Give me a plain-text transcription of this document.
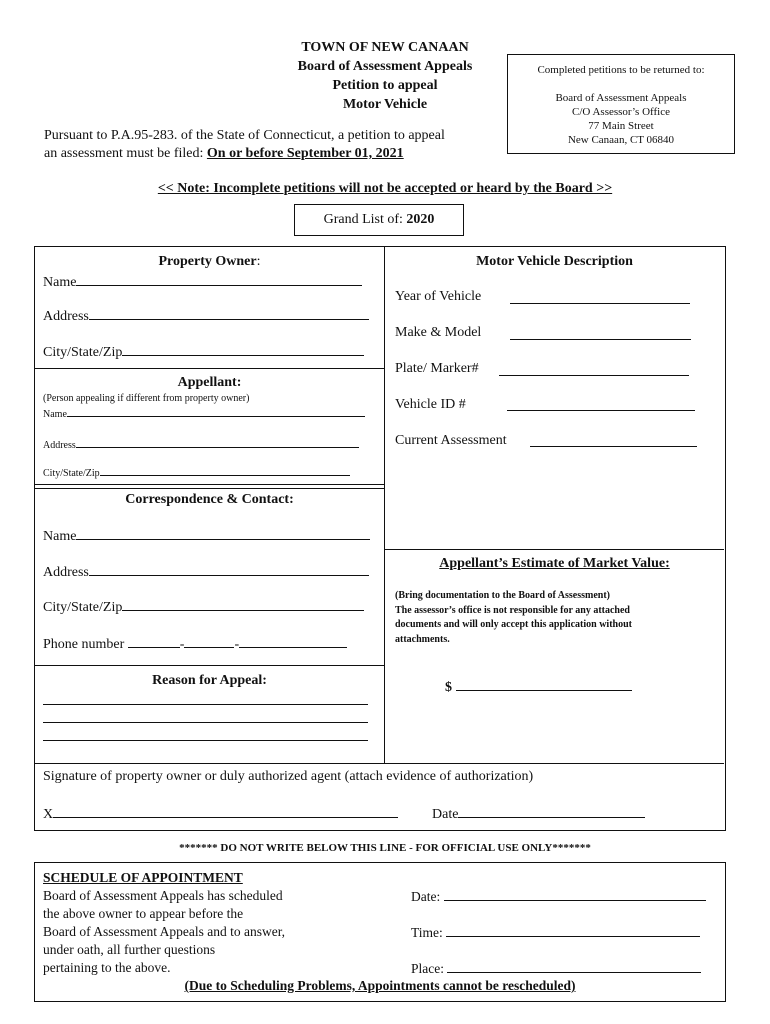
TOWN OF NEW CANAAN
Board of Assessment Appeals
Petition to appeal
Motor Vehicle
Completed petitions to be returned to:
Board of Assessment Appeals
C/O Assessor’s Office
77 Main Street
New Canaan, CT 06840
Pursuant to P.A.95-283. of the State of Connecticut, a petition to appeal
an assessment must be filed: On or before September 01, 2021
<< Note: Incomplete petitions will not be accepted or heard by the Board >>
Grand List of: 2020
Property Owner:
Name
Address
City/State/Zip
Appellant:
(Person appealing if different from property owner)
Name
Address
City/State/Zip
Correspondence & Contact:
Name
Address
City/State/Zip
Phone number	-	-
Reason for Appeal:
Motor Vehicle Description
Year of Vehicle
Make & Model
Plate/ Marker#
Vehicle ID #
Current Assessment
Appellant’s Estimate of Market Value:
(Bring documentation to the Board of Assessment)
The assessor’s office is not responsible for any attached
documents and will only accept this application without
attachments.
$
Signature of property owner or duly authorized agent (attach evidence of authorization)
X	Date
******* DO NOT WRITE BELOW THIS LINE - FOR OFFICIAL USE ONLY*******
SCHEDULE OF APPOINTMENT
Board of Assessment Appeals has scheduled
the above owner to appear before the
Board of Assessment Appeals and to answer,
under oath, all further questions
pertaining to the above.
Date:
Time:
Place:
(Due to Scheduling Problems, Appointments cannot be rescheduled)
